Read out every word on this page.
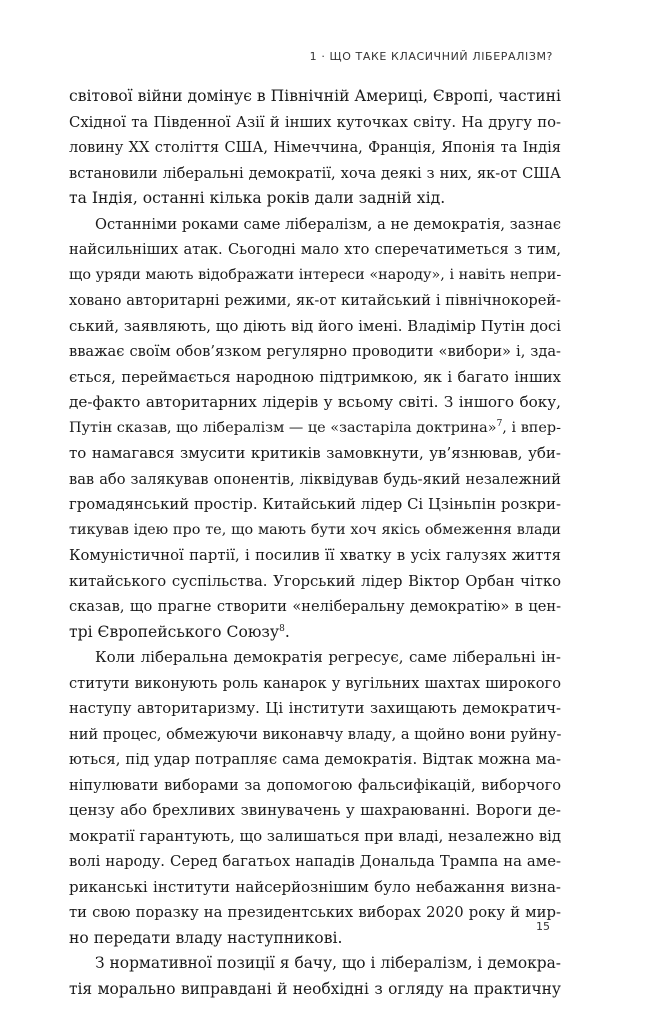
1 · ЩО ТАКЕ КЛАСИЧНИЙ ЛІБЕРАЛІЗМ?
світової війни домінує в Північній Америці, Європі, частині
Східної та Південної Азії й інших куточках світу. На другу по-
ловину XX століття США, Німеччина, Франція, Японія та Індія
встановили ліберальні демократії, хоча деякі з них, як-от США
та Індія, останні кілька років дали задній хід.
Останніми роками саме лібералізм, а не демократія, зазнає
найсильніших атак. Сьогодні мало хто сперечатиметься з тим,
що уряди мають відображати інтереси «народу», і навіть непри-
ховано авторитарні режими, як-от китайський і північнокорей-
ський, заявляють, що діють від його імені. Владімір Путін досі
вважає своїм обов’язком регулярно проводити «вибори» і, зда-
ється, переймається народною підтримкою, як і багато інших
де-факто авторитарних лідерів у всьому світі. З іншого боку,
Путін сказав, що лібералізм — це «застаріла доктрина»$^7$, і впер-
то намагався змусити критиків замовкнути, ув’язнював, уби-
вав або залякував опонентів, ліквідував будь-який незалежний
громадянський простір. Китайський лідер Сі Цзіньпін розкри-
тикував ідею про те, що мають бути хоч якісь обмеження влади
Комуністичної партії, і посилив її хватку в усіх галузях життя
китайського суспільства. Угорський лідер Віктор Орбан чітко
сказав, що прагне створити «неліберальну демократію» в цен-
трі Європейського Союзу$^8$.
Коли ліберальна демократія регресує, саме ліберальні ін-
ститути виконують роль канарок у вугільних шахтах широкого
наступу авторитаризму. Ці інститути захищають демократич-
ний процес, обмежуючи виконавчу владу, а щойно вони руйну-
ються, під удар потрапляє сама демократія. Відтак можна ма-
ніпулювати виборами за допомогою фальсифікацій, виборчого
цензу або брехливих звинувачень у шахраюванні. Вороги де-
мократії гарантують, що залишаться при владі, незалежно від
волі народу. Серед багатьох нападів Дональда Трампа на аме-
риканські інститути найсерйознішим було небажання визна-
ти свою поразку на президентських виборах 2020 року й мир-
но передати владу наступникові.
З нормативної позиції я бачу, що і лібералізм, і демокра-
тія морально виправдані й необхідні з огляду на практичну
15
